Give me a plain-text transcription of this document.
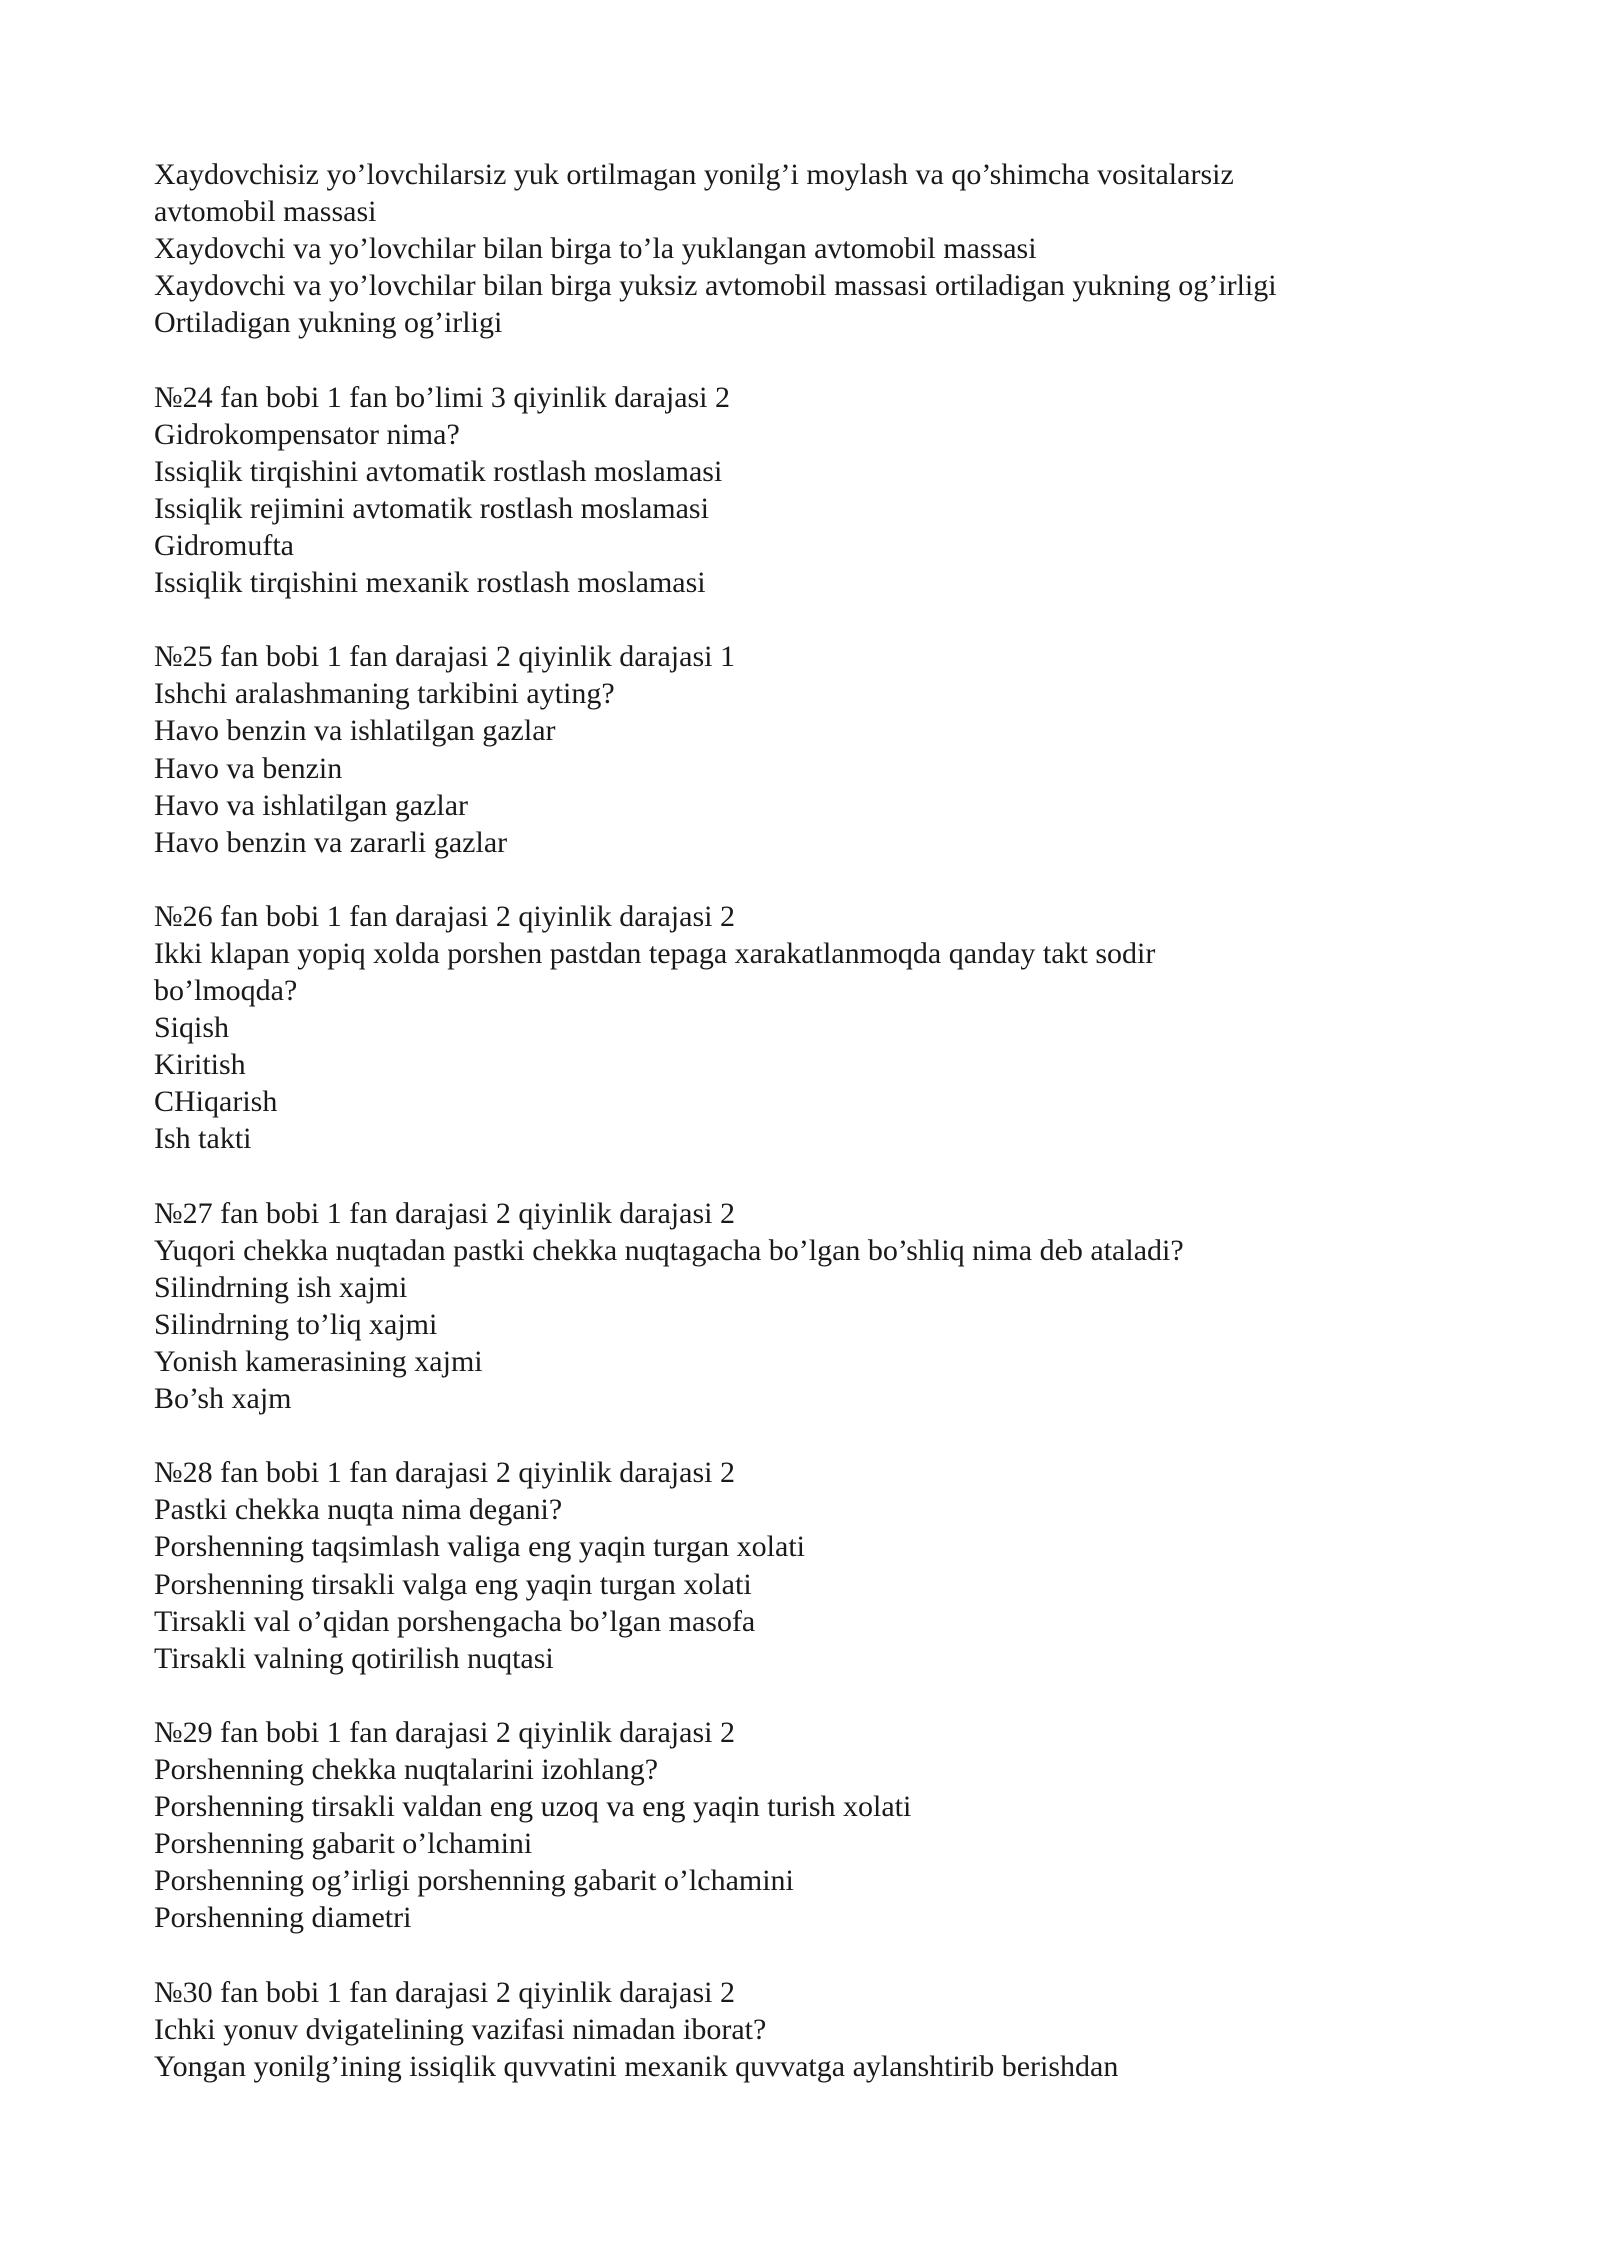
Xaydovchisiz yo’lovchilarsiz yuk ortilmagan yonilg’i moylash va qo’shimcha vositalarsiz
avtomobil massasi
Xaydovchi va yo’lovchilar bilan birga to’la yuklangan avtomobil massasi
Xaydovchi va yo’lovchilar bilan birga yuksiz avtomobil massasi ortiladigan yukning og’irligi
Ortiladigan yukning og’irligi
№24 fan bobi 1 fan bo’limi 3 qiyinlik darajasi 2
Gidrokompensator nima?
Issiqlik tirqishini avtomatik rostlash moslamasi
Issiqlik rejimini avtomatik rostlash moslamasi
Gidromufta
Issiqlik tirqishini mexanik rostlash moslamasi
№25 fan bobi 1 fan darajasi 2 qiyinlik darajasi 1
Ishchi aralashmaning tarkibini ayting?
Havo benzin va ishlatilgan gazlar
Havo va benzin
Havo va ishlatilgan gazlar
Havo benzin va zararli gazlar
№26 fan bobi 1 fan darajasi 2 qiyinlik darajasi 2
Ikki klapan yopiq xolda porshen pastdan tepaga xarakatlanmoqda qanday takt sodir
bo’lmoqda?
Siqish
Kiritish
CHiqarish
Ish takti
№27 fan bobi 1 fan darajasi 2 qiyinlik darajasi 2
Yuqori chekka nuqtadan pastki chekka nuqtagacha bo’lgan bo’shliq nima deb ataladi?
Silindrning ish xajmi
Silindrning to’liq xajmi
Yonish kamerasining xajmi
Bo’sh xajm
№28 fan bobi 1 fan darajasi 2 qiyinlik darajasi 2
Pastki chekka nuqta nima degani?
Porshenning taqsimlash valiga eng yaqin turgan xolati
Porshenning tirsakli valga eng yaqin turgan xolati
Tirsakli val o’qidan porshengacha bo’lgan masofa
Tirsakli valning qotirilish nuqtasi
№29 fan bobi 1 fan darajasi 2 qiyinlik darajasi 2
Porshenning chekka nuqtalarini izohlang?
Porshenning tirsakli valdan eng uzoq va eng yaqin turish xolati
Porshenning gabarit o’lchamini
Porshenning og’irligi porshenning gabarit o’lchamini
Porshenning diametri
№30 fan bobi 1 fan darajasi 2 qiyinlik darajasi 2
Ichki yonuv dvigatelining vazifasi nimadan iborat?
Yongan yonilg’ining issiqlik quvvatini mexanik quvvatga aylanshtirib berishdan
